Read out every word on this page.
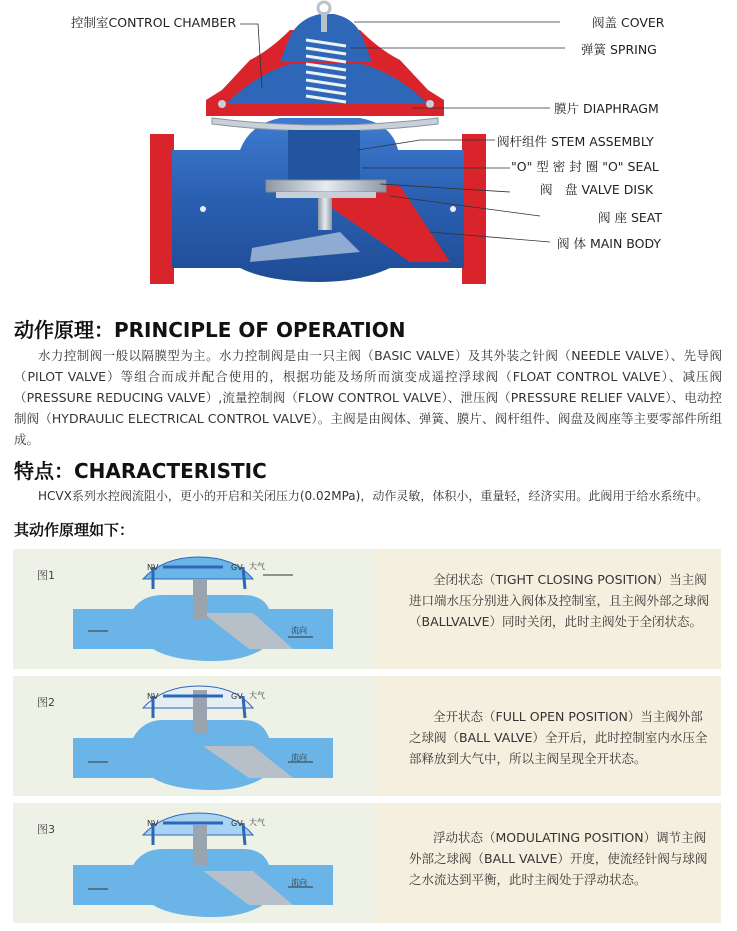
控制室CONTROL CHAMBER	阀盖 COVER
弹簧 SPRING
膜片 DIAPHRAGM
阀杆组件 STEM ASSEMBLY
"O" 型 密 封 圈 "O" SEAL
阀　盘 VALVE DISK
阀 座 SEAT
阀 体 MAIN BODY
动作原理：PRINCIPLE OF OPERATION
水力控制阀一般以隔膜型为主。水力控制阀是由一只主阀（BASIC VALVE）及其外装之针阀（NEEDLE VALVE）、先导阀（PILOT VALVE）等组合而成并配合使用的，根据功能及场所而演变成遥控浮球阀（FLOAT CONTROL VALVE）、减压阀（PRESSURE REDUCING VALVE）,流量控制阀（FLOW CONTROL VALVE）、泄压阀（PRESSURE RELIEF VALVE）、电动控制阀（HYDRAULIC ELECTRICAL CONTROL VALVE）。主阀是由阀体、弹簧、膜片、阀杆组件、阀盘及阀座等主要零部件所组成。
特点：CHARACTERISTIC
HCVX系列水控阀流阻小，更小的开启和关闭压力(0.02MPa)，动作灵敏，体积小，重量轻，经济实用。此阀用于给水系统中。
其动作原理如下：
图1
NV	GV 大气
流向

全闭状态（TIGHT CLOSING POSITION）当主阀进口端水压分别进入阀体及控制室，且主阀外部之球阀（BALLVALVE）同时关闭，此时主阀处于全闭状态。

图2	NV	GV 大气
流向

全开状态（FULL OPEN POSITION）当主阀外部之球阀（BALL VALVE）全开后，此时控制室内水压全部释放到大气中，所以主阀呈现全开状态。

图3	NV	GV 大气
流向

浮动状态（MODULATING POSITION）调节主阀外部之球阀（BALL VALVE）开度，使流经针阀与球阀之水流达到平衡，此时主阀处于浮动状态。
